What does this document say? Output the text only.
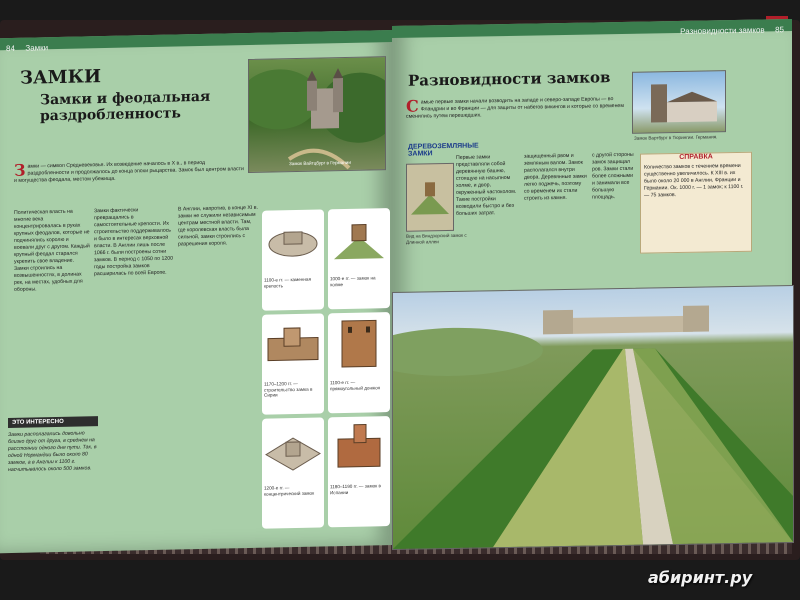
84 Замки
ЗАМКИ
Замки и феодальная
раздробленность
Замок Вайтцбург в Германии
З амки — символ Средневековья. Их возведение началось в X в., в период раздробленности и продолжалось до конца эпохи рыцарства. Замок был центром власти и могущества феодала, местом убежища.
Политическая власть на многие века концентрировалась в руках крупных феодалов, которые не подчинялись королю и воевали друг с другом. Каждый крупный феодал старался укрепить свое владение. Замки строились на возвышенностях, в долинах рек, на местах, удобных для обороны.
Замки фактически превращались в самостоятельные крепости. Их строительство поддерживалось и было в интересах верховной власти. В Англии лишь после 1066 г. были построены сотни замков. В период с 1050 по 1200 годы постройка замков расширилась по всей Европе.
В Англии, напротив, в конце XI в. замки не служили независимым центрам местной власти. Там, где королевская власть была сильной, замки строились с разрешения короля.
ЭТО ИНТЕРЕСНО
Замки располагались довольно близко друг от друга, в среднем на расстоянии одного дня пути. Так, в одной Нормандии было около 80 замков, а в Англии к 1100 г. насчитывалось около 500 замков.
1100-е гг. — каменная крепость
1000-е гг. — замок на холме
1170–1200 гг. — строительство замка в Сирии
1100-е гг. — прямоугольный донжон
1200-е гг. — концентрический замок
1180–1190 гг. — замок в Испании
Разновидности замков 85
Разновидности замков
С амые первые замки начали возводить на западе и северо-западе Европы — во Фландрии и во Франции — для защиты от набегов викингов и которые со временем сменились путем перешедших.
Замок Вартбург в Тюрингии. Германия.
ДЕРЕВОЗЕМЛЯНЫЕ
ЗАМКИ	Первые замки представляли собой деревянную башню, стоящую на насыпном холме, и двор, окруженный частоколом. Такие постройки возводили быстро и без больших затрат.
защищенный рвом и земляным валом. Замок располагался внутри двора. Деревянные замки легко поджечь, поэтому со временем их стали строить из камня.
с другой стороны замок защищал ров. Замки стали более сложными и занимали все большую площадь.
Вид на Виндзорский замок с Длинной аллеи
СПРАВКА
Количество замков с течением времени существенно увеличилось. К XIII в. их было около 20 000 в Англии, Франции и Германии. Ок. 1000 г. — 1 замок; к 1100 г. — 75 замков.
абиринт.ру
